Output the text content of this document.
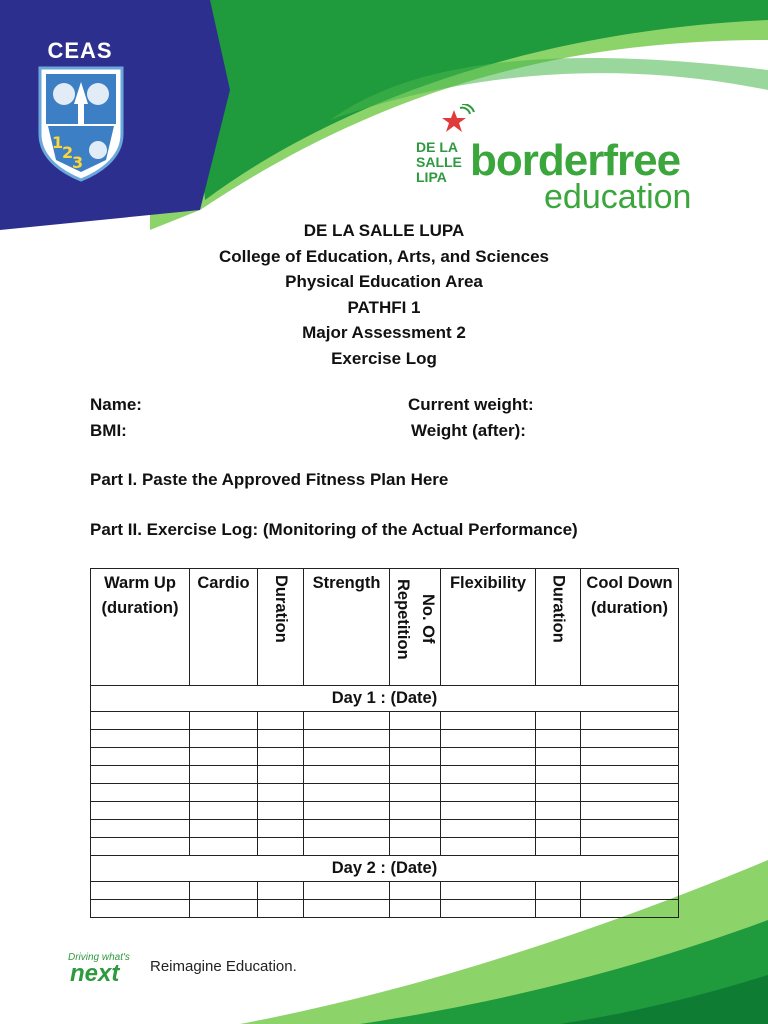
CEAS
1
2
3
DE LA
SALLE
LIPA borderfree
education
DE LA SALLE LUPA
College of Education, Arts, and Sciences
Physical Education Area
PATHFI 1
Major Assessment 2
Exercise Log
Name:
BMI:
Current weight:
Weight (after):
Part I. Paste the Approved Fitness Plan Here
Part II. Exercise Log: (Monitoring of the Actual Performance)
Warm Up (duration)	Cardio	Duration	Strength	No. Of Repetition	Flexibility	Duration	Cool Down (duration)
Day 1 : (Date)							

Day 2 : (Date)							

Driving what's
next Reimagine Education.
